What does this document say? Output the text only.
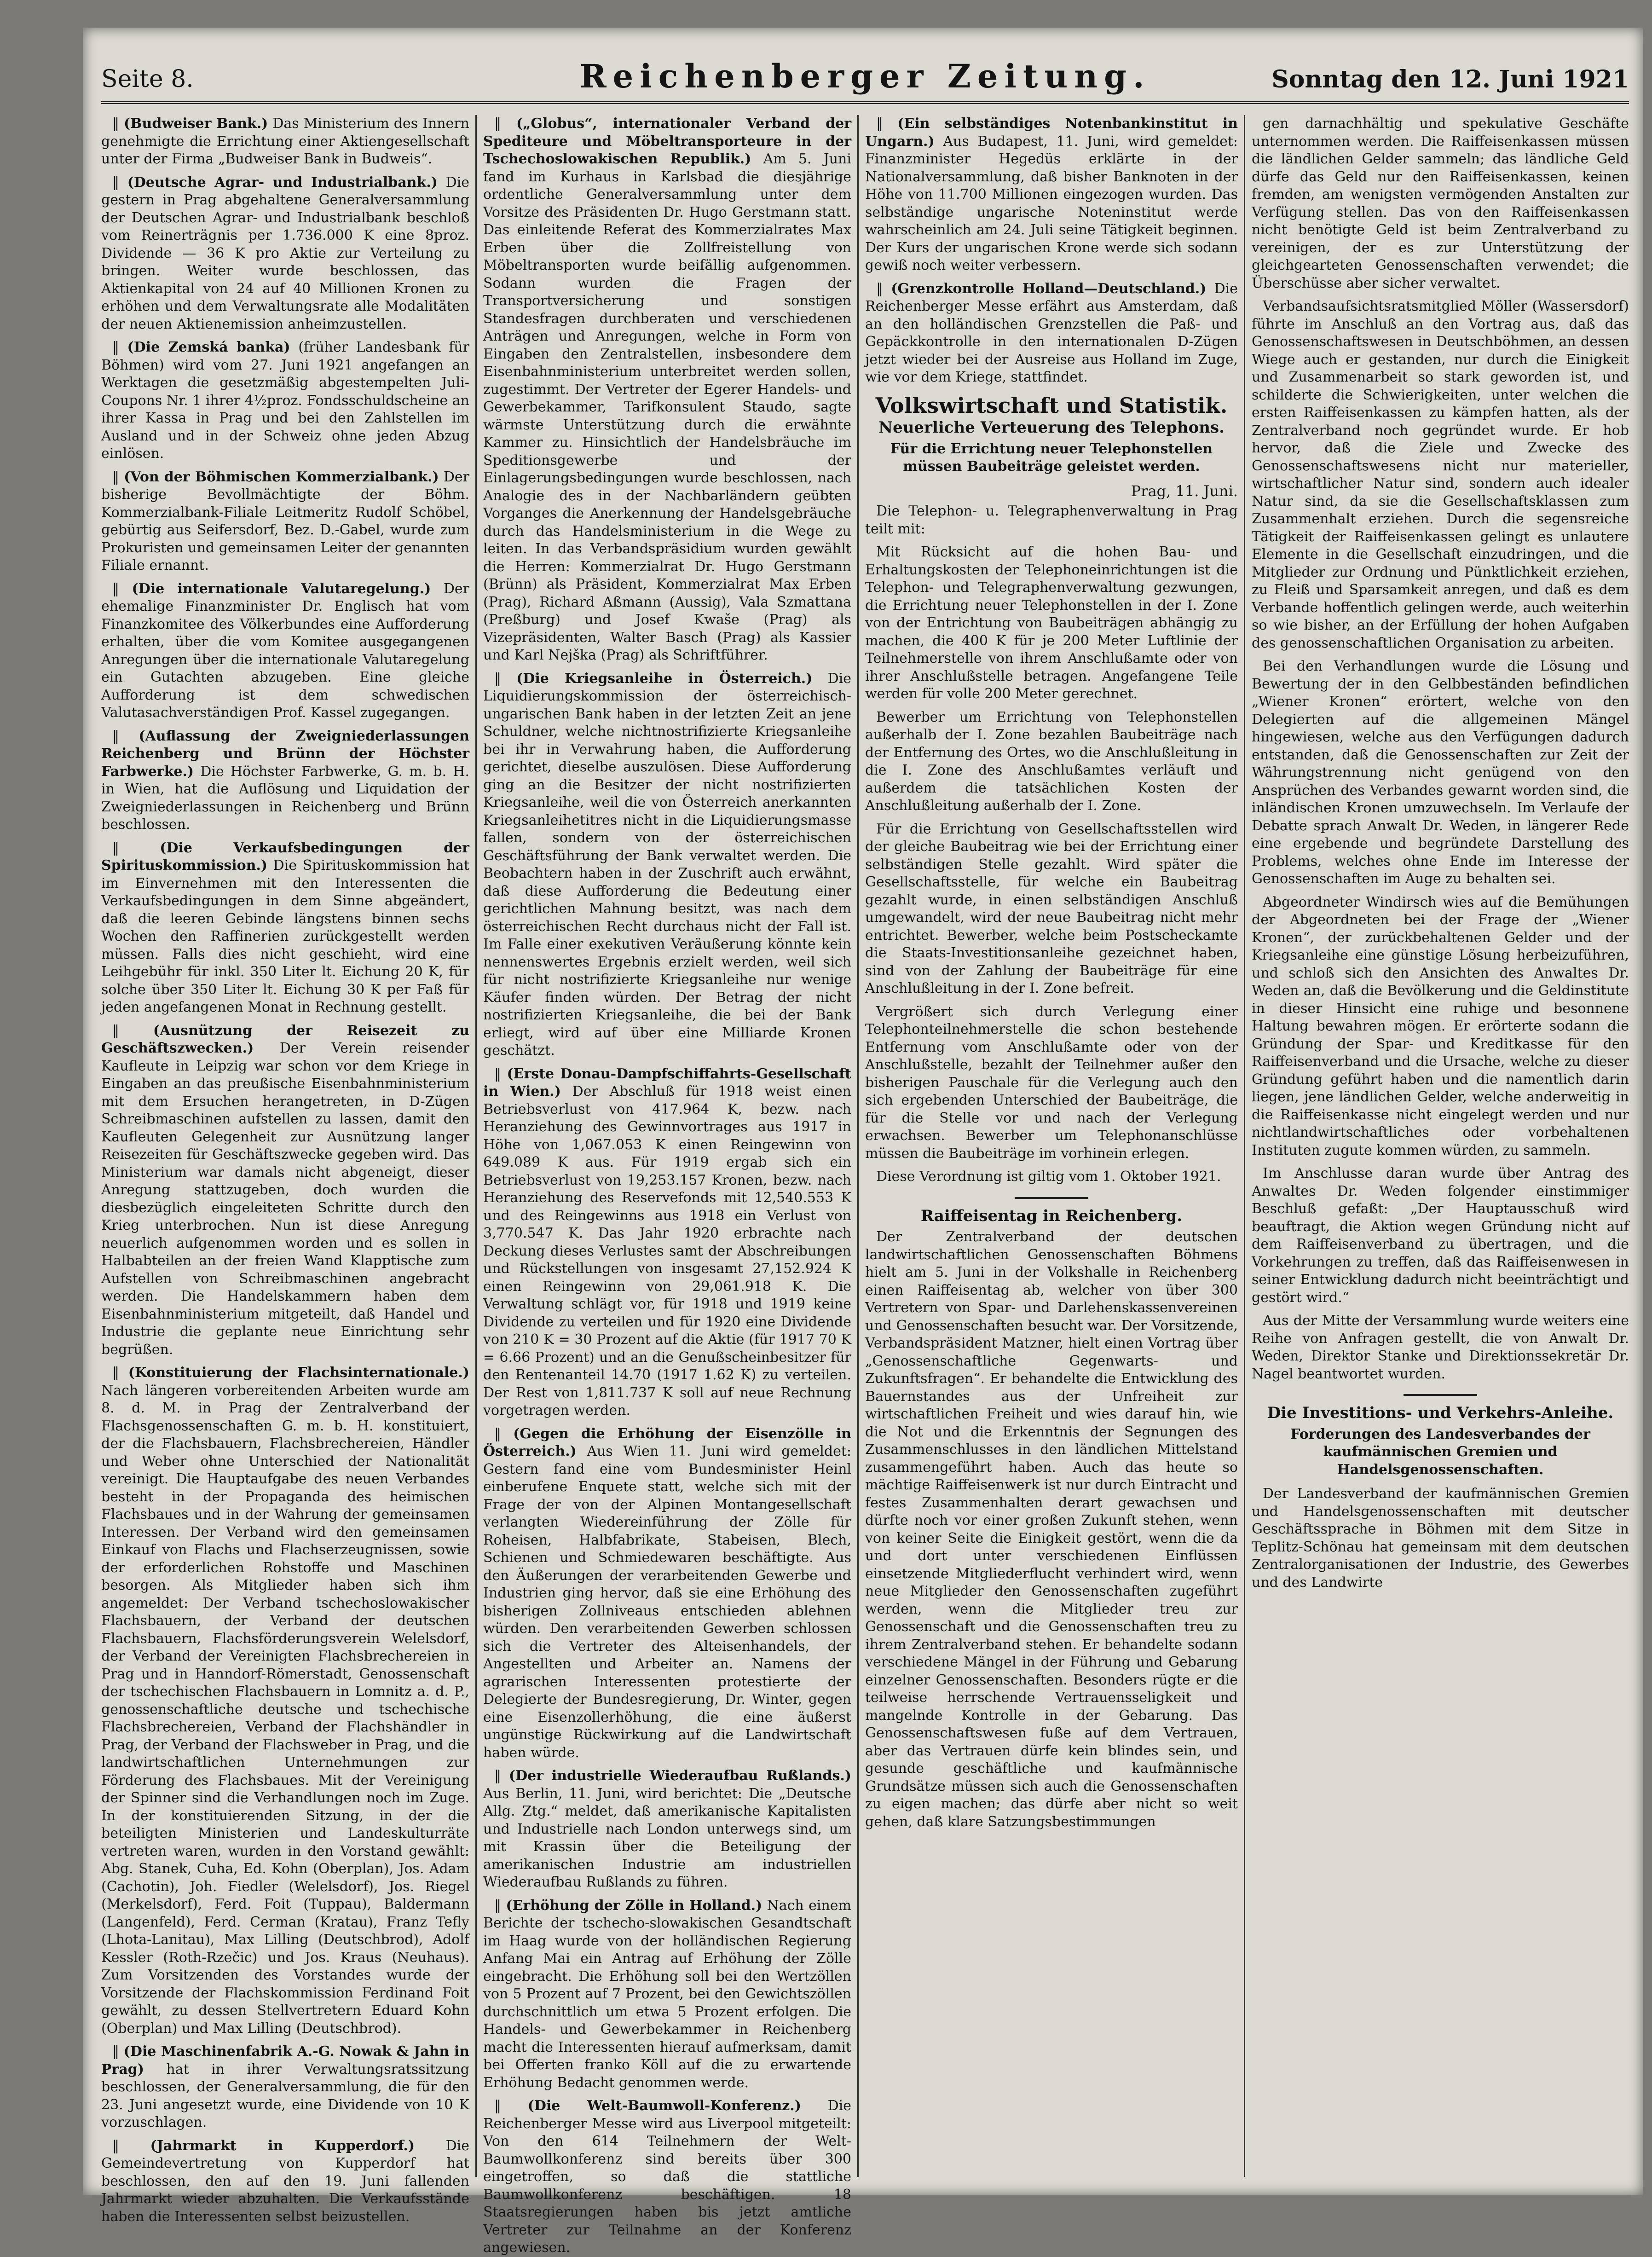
Seite 8.	Reichenberger Zeitung.	Sonntag den 12. Juni 1921

‖ (Budweiser Bank.) Das Ministerium des Innern genehmigte die Errichtung einer Aktiengesellschaft unter der Firma „Budweiser Bank in Budweis“.

‖ (Deutsche Agrar- und Industrialbank.) Die gestern in Prag abgehaltene Generalversammlung der Deutschen Agrar- und Industrialbank beschloß vom Reinerträgnis per 1.736.000 K eine 8proz. Dividende — 36 K pro Aktie zur Verteilung zu bringen. Weiter wurde beschlossen, das Aktienkapital von 24 auf 40 Millionen Kronen zu erhöhen und dem Verwaltungsrate alle Modalitäten der neuen Aktienemission anheimzustellen.

‖ (Die Zemská banka) (früher Landesbank für Böhmen) wird vom 27. Juni 1921 angefangen an Werktagen die gesetzmäßig abgestempelten Juli-Coupons Nr. 1 ihrer 4½proz. Fondsschuldscheine an ihrer Kassa in Prag und bei den Zahlstellen im Ausland und in der Schweiz ohne jeden Abzug einlösen.

‖ (Von der Böhmischen Kommerzialbank.) Der bisherige Bevollmächtigte der Böhm. Kommerzialbank-Filiale Leitmeritz Rudolf Schöbel, gebürtig aus Seifersdorf, Bez. D.-Gabel, wurde zum Prokuristen und gemeinsamen Leiter der genannten Filiale ernannt.

‖ (Die internationale Valutaregelung.) Der ehemalige Finanzminister Dr. Englisch hat vom Finanzkomitee des Völkerbundes eine Aufforderung erhalten, über die vom Komitee ausgegangenen Anregungen über die internationale Valutaregelung ein Gutachten abzugeben. Eine gleiche Aufforderung ist dem schwedischen Valutasachverständigen Prof. Kassel zugegangen.

‖ (Auflassung der Zweigniederlassungen Reichenberg und Brünn der Höchster Farbwerke.) Die Höchster Farbwerke, G. m. b. H. in Wien, hat die Auflösung und Liquidation der Zweigniederlassungen in Reichenberg und Brünn beschlossen.

‖ (Die Verkaufsbedingungen der Spirituskommission.) Die Spirituskommission hat im Einvernehmen mit den Interessenten die Verkaufsbedingungen in dem Sinne abgeändert, daß die leeren Gebinde längstens binnen sechs Wochen den Raffinerien zurückgestellt werden müssen. Falls dies nicht geschieht, wird eine Leihgebühr für inkl. 350 Liter lt. Eichung 20 K, für solche über 350 Liter lt. Eichung 30 K per Faß für jeden angefangenen Monat in Rechnung gestellt.

‖ (Ausnützung der Reisezeit zu Geschäftszwecken.) Der Verein reisender Kaufleute in Leipzig war schon vor dem Kriege in Eingaben an das preußische Eisenbahnministerium mit dem Ersuchen herangetreten, in D-Zügen Schreibmaschinen aufstellen zu lassen, damit den Kaufleuten Gelegenheit zur Ausnützung langer Reisezeiten für Geschäftszwecke gegeben wird. Das Ministerium war damals nicht abgeneigt, dieser Anregung stattzugeben, doch wurden die diesbezüglich eingeleiteten Schritte durch den Krieg unterbrochen. Nun ist diese Anregung neuerlich aufgenommen worden und es sollen in Halbabteilen an der freien Wand Klapptische zum Aufstellen von Schreibmaschinen angebracht werden. Die Handelskammern haben dem Eisenbahnministerium mitgeteilt, daß Handel und Industrie die geplante neue Einrichtung sehr begrüßen.

‖ (Konstituierung der Flachsinternationale.) Nach längeren vorbereitenden Arbeiten wurde am 8. d. M. in Prag der Zentralverband der Flachsgenossenschaften G. m. b. H. konstituiert, der die Flachsbauern, Flachsbrechereien, Händler und Weber ohne Unterschied der Nationalität vereinigt. Die Hauptaufgabe des neuen Verbandes besteht in der Propaganda des heimischen Flachsbaues und in der Wahrung der gemeinsamen Interessen. Der Verband wird den gemeinsamen Einkauf von Flachs und Flachserzeugnissen, sowie der erforderlichen Rohstoffe und Maschinen besorgen. Als Mitglieder haben sich ihm angemeldet: Der Verband tschechoslowakischer Flachsbauern, der Verband der deutschen Flachsbauern, Flachsförderungsverein Welelsdorf, der Verband der Vereinigten Flachsbrechereien in Prag und in Hanndorf-Römerstadt, Genossenschaft der tschechischen Flachsbauern in Lomnitz a. d. P., genossenschaftliche deutsche und tschechische Flachsbrechereien, Verband der Flachshändler in Prag, der Verband der Flachsweber in Prag, und die landwirtschaftlichen Unternehmungen zur Förderung des Flachsbaues. Mit der Vereinigung der Spinner sind die Verhandlungen noch im Zuge. In der konstituierenden Sitzung, in der die beteiligten Ministerien und Landeskulturräte vertreten waren, wurden in den Vorstand gewählt: Abg. Stanek, Cuha, Ed. Kohn (Oberplan), Jos. Adam (Cachotin), Joh. Fiedler (Welelsdorf), Jos. Riegel (Merkelsdorf), Ferd. Foit (Tuppau), Baldermann (Langenfeld), Ferd. Cerman (Kratau), Franz Tefly (Lhota-Lanitau), Max Lilling (Deutschbrod), Adolf Kessler (Roth-Rzečic) und Jos. Kraus (Neuhaus). Zum Vorsitzenden des Vorstandes wurde der Vorsitzende der Flachskommission Ferdinand Foit gewählt, zu dessen Stellvertretern Eduard Kohn (Oberplan) und Max Lilling (Deutschbrod).

‖ (Die Maschinenfabrik A.-G. Nowak & Jahn in Prag) hat in ihrer Verwaltungsratssitzung beschlossen, der Generalversammlung, die für den 23. Juni angesetzt wurde, eine Dividende von 10 K vorzuschlagen.

‖ (Jahrmarkt in Kupperdorf.) Die Gemeindevertretung von Kupperdorf hat beschlossen, den auf den 19. Juni fallenden Jahrmarkt wieder abzuhalten. Die Verkaufsstände haben die Interessenten selbst beizustellen.

‖ („Globus“, internationaler Verband der Spediteure und Möbeltransporteure in der Tschechoslowakischen Republik.) Am 5. Juni fand im Kurhaus in Karlsbad die diesjährige ordentliche Generalversammlung unter dem Vorsitze des Präsidenten Dr. Hugo Gerstmann statt. Das einleitende Referat des Kommerzialrates Max Erben über die Zollfreistellung von Möbeltransporten wurde beifällig aufgenommen. Sodann wurden die Fragen der Transportversicherung und sonstigen Standesfragen durchberaten und verschiedenen Anträgen und Anregungen, welche in Form von Eingaben den Zentralstellen, insbesondere dem Eisenbahnministerium unterbreitet werden sollen, zugestimmt. Der Vertreter der Egerer Handels- und Gewerbekammer, Tarifkonsulent Staudo, sagte wärmste Unterstützung durch die erwähnte Kammer zu. Hinsichtlich der Handelsbräuche im Speditionsgewerbe und der Einlagerungsbedingungen wurde beschlossen, nach Analogie des in der Nachbarländern geübten Vorganges die Anerkennung der Handelsgebräuche durch das Handelsministerium in die Wege zu leiten. In das Verbandspräsidium wurden gewählt die Herren: Kommerzialrat Dr. Hugo Gerstmann (Brünn) als Präsident, Kommerzialrat Max Erben (Prag), Richard Aßmann (Aussig), Vala Szmattana (Preßburg) und Josef Kwaše (Prag) als Vizepräsidenten, Walter Basch (Prag) als Kassier und Karl Nejška (Prag) als Schriftführer.

‖ (Die Kriegsanleihe in Österreich.) Die Liquidierungskommission der österreichisch-ungarischen Bank haben in der letzten Zeit an jene Schuldner, welche nichtnostrifizierte Kriegsanleihe bei ihr in Verwahrung haben, die Aufforderung gerichtet, dieselbe auszulösen. Diese Aufforderung ging an die Besitzer der nicht nostrifizierten Kriegsanleihe, weil die von Österreich anerkannten Kriegsanleihetitres nicht in die Liquidierungsmasse fallen, sondern von der österreichischen Geschäftsführung der Bank verwaltet werden. Die Beobachtern haben in der Zuschrift auch erwähnt, daß diese Aufforderung die Bedeutung einer gerichtlichen Mahnung besitzt, was nach dem österreichischen Recht durchaus nicht der Fall ist. Im Falle einer exekutiven Veräußerung könnte kein nennenswertes Ergebnis erzielt werden, weil sich für nicht nostrifizierte Kriegsanleihe nur wenige Käufer finden würden. Der Betrag der nicht nostrifizierten Kriegsanleihe, die bei der Bank erliegt, wird auf über eine Milliarde Kronen geschätzt.

‖ (Erste Donau-Dampfschiffahrts-Gesellschaft in Wien.) Der Abschluß für 1918 weist einen Betriebsverlust von 417.964 K, bezw. nach Heranziehung des Gewinnvortrages aus 1917 in Höhe von 1,067.053 K einen Reingewinn von 649.089 K aus. Für 1919 ergab sich ein Betriebsverlust von 19,253.157 Kronen, bezw. nach Heranziehung des Reservefonds mit 12,540.553 K und des Reingewinns aus 1918 ein Verlust von 3,770.547 K. Das Jahr 1920 erbrachte nach Deckung dieses Verlustes samt der Abschreibungen und Rückstellungen von insgesamt 27,152.924 K einen Reingewinn von 29,061.918 K. Die Verwaltung schlägt vor, für 1918 und 1919 keine Dividende zu verteilen und für 1920 eine Dividende von 210 K = 30 Prozent auf die Aktie (für 1917 70 K = 6.66 Prozent) und an die Genußscheinbesitzer für den Rentenanteil 14.70 (1917 1.62 K) zu verteilen. Der Rest von 1,811.737 K soll auf neue Rechnung vorgetragen werden.

‖ (Gegen die Erhöhung der Eisenzölle in Österreich.) Aus Wien 11. Juni wird gemeldet: Gestern fand eine vom Bundesminister Heinl einberufene Enquete statt, welche sich mit der Frage der von der Alpinen Montangesellschaft verlangten Wiedereinführung der Zölle für Roheisen, Halbfabrikate, Stabeisen, Blech, Schienen und Schmiedewaren beschäftigte. Aus den Äußerungen der verarbeitenden Gewerbe und Industrien ging hervor, daß sie eine Erhöhung des bisherigen Zollniveaus entschieden ablehnen würden. Den verarbeitenden Gewerben schlossen sich die Vertreter des Alteisenhandels, der Angestellten und Arbeiter an. Namens der agrarischen Interessenten protestierte der Delegierte der Bundesregierung, Dr. Winter, gegen eine Eisenzollerhöhung, die eine äußerst ungünstige Rückwirkung auf die Landwirtschaft haben würde.

‖ (Der industrielle Wiederaufbau Rußlands.) Aus Berlin, 11. Juni, wird berichtet: Die „Deutsche Allg. Ztg.“ meldet, daß amerikanische Kapitalisten und Industrielle nach London unterwegs sind, um mit Krassin über die Beteiligung der amerikanischen Industrie am industriellen Wiederaufbau Rußlands zu führen.

‖ (Erhöhung der Zölle in Holland.) Nach einem Berichte der tschecho-slowakischen Gesandtschaft im Haag wurde von der holländischen Regierung Anfang Mai ein Antrag auf Erhöhung der Zölle eingebracht. Die Erhöhung soll bei den Wertzöllen von 5 Prozent auf 7 Prozent, bei den Gewichtszöllen durchschnittlich um etwa 5 Prozent erfolgen. Die Handels- und Gewerbekammer in Reichenberg macht die Interessenten hierauf aufmerksam, damit bei Offerten franko Köll auf die zu erwartende Erhöhung Bedacht genommen werde.

‖ (Die Welt-Baumwoll-Konferenz.) Die Reichenberger Messe wird aus Liverpool mitgeteilt: Von den 614 Teilnehmern der Welt-Baumwollkonferenz sind bereits über 300 eingetroffen, so daß die stattliche Baumwollkonferenz beschäftigen. 18 Staatsregierungen haben bis jetzt amtliche Vertreter zur Teilnahme an der Konferenz angewiesen.

‖ (Ein selbständiges Notenbankinstitut in Ungarn.) Aus Budapest, 11. Juni, wird gemeldet: Finanzminister Hegedüs erklärte in der Nationalversammlung, daß bisher Banknoten in der Höhe von 11.700 Millionen eingezogen wurden. Das selbständige ungarische Noteninstitut werde wahrscheinlich am 24. Juli seine Tätigkeit beginnen. Der Kurs der ungarischen Krone werde sich sodann gewiß noch weiter verbessern.

‖ (Grenzkontrolle Holland—Deutschland.) Die Reichenberger Messe erfährt aus Amsterdam, daß an den holländischen Grenzstellen die Paß- und Gepäckkontrolle in den internationalen D-Zügen jetzt wieder bei der Ausreise aus Holland im Zuge, wie vor dem Kriege, stattfindet.

Volkswirtschaft und Statistik.
Neuerliche Verteuerung des Telephons.
Für die Errichtung neuer Telephonstellen müssen Baubeiträge geleistet werden.
Prag, 11. Juni.

Die Telephon- u. Telegraphenverwaltung in Prag teilt mit:

Mit Rücksicht auf die hohen Bau- und Erhaltungskosten der Telephoneinrichtungen ist die Telephon- und Telegraphenverwaltung gezwungen, die Errichtung neuer Telephonstellen in der I. Zone von der Entrichtung von Baubeiträgen abhängig zu machen, die 400 K für je 200 Meter Luftlinie der Teilnehmerstelle von ihrem Anschlußamte oder von ihrer Anschlußstelle betragen. Angefangene Teile werden für volle 200 Meter gerechnet.

Bewerber um Errichtung von Telephonstellen außerhalb der I. Zone bezahlen Baubeiträge nach der Entfernung des Ortes, wo die Anschlußleitung in die I. Zone des Anschlußamtes verläuft und außerdem die tatsächlichen Kosten der Anschlußleitung außerhalb der I. Zone.

Für die Errichtung von Gesellschaftsstellen wird der gleiche Baubeitrag wie bei der Errichtung einer selbständigen Stelle gezahlt. Wird später die Gesellschaftsstelle, für welche ein Baubeitrag gezahlt wurde, in einen selbständigen Anschluß umgewandelt, wird der neue Baubeitrag nicht mehr entrichtet. Bewerber, welche beim Postscheckamte die Staats-Investitionsanleihe gezeichnet haben, sind von der Zahlung der Baubeiträge für eine Anschlußleitung in der I. Zone befreit.

Vergrößert sich durch Verlegung einer Telephonteilnehmerstelle die schon bestehende Entfernung vom Anschlußamte oder von der Anschlußstelle, bezahlt der Teilnehmer außer den bisherigen Pauschale für die Verlegung auch den sich ergebenden Unterschied der Baubeiträge, die für die Stelle vor und nach der Verlegung erwachsen. Bewerber um Telephonanschlüsse müssen die Baubeiträge im vorhinein erlegen.

Diese Verordnung ist giltig vom 1. Oktober 1921.

Raiffeisentag in Reichenberg.

Der Zentralverband der deutschen landwirtschaftlichen Genossenschaften Böhmens hielt am 5. Juni in der Volkshalle in Reichenberg einen Raiffeisentag ab, welcher von über 300 Vertretern von Spar- und Darlehenskassenvereinen und Genossenschaften besucht war. Der Vorsitzende, Verbandspräsident Matzner, hielt einen Vortrag über „Genossenschaftliche Gegenwarts- und Zukunftsfragen“. Er behandelte die Entwicklung des Bauernstandes aus der Unfreiheit zur wirtschaftlichen Freiheit und wies darauf hin, wie die Not und die Erkenntnis der Segnungen des Zusammenschlusses in den ländlichen Mittelstand zusammengeführt haben. Auch das heute so mächtige Raiffeisenwerk ist nur durch Eintracht und festes Zusammenhalten derart gewachsen und dürfte noch vor einer großen Zukunft stehen, wenn von keiner Seite die Einigkeit gestört, wenn die da und dort unter verschiedenen Einflüssen einsetzende Mitgliederflucht verhindert wird, wenn neue Mitglieder den Genossenschaften zugeführt werden, wenn die Mitglieder treu zur Genossenschaft und die Genossenschaften treu zu ihrem Zentralverband stehen. Er behandelte sodann verschiedene Mängel in der Führung und Gebarung einzelner Genossenschaften. Besonders rügte er die teilweise herrschende Vertrauensseligkeit und mangelnde Kontrolle in der Gebarung. Das Genossenschaftswesen fuße auf dem Vertrauen, aber das Vertrauen dürfe kein blindes sein, und gesunde geschäftliche und kaufmännische Grundsätze müssen sich auch die Genossenschaften zu eigen machen; das dürfe aber nicht so weit gehen, daß klare Satzungsbestimmungen

gen darnachhältig und spekulative Geschäfte unternommen werden. Die Raiffeisenkassen müssen die ländlichen Gelder sammeln; das ländliche Geld dürfe das Geld nur den Raiffeisenkassen, keinen fremden, am wenigsten vermögenden Anstalten zur Verfügung stellen. Das von den Raiffeisenkassen nicht benötigte Geld ist beim Zentralverband zu vereinigen, der es zur Unterstützung der gleichgearteten Genossenschaften verwendet; die Überschüsse aber sicher verwaltet.

Verbandsaufsichtsratsmitglied Möller (Wassersdorf) führte im Anschluß an den Vortrag aus, daß das Genossenschaftswesen in Deutschböhmen, an dessen Wiege auch er gestanden, nur durch die Einigkeit und Zusammenarbeit so stark geworden ist, und schilderte die Schwierigkeiten, unter welchen die ersten Raiffeisenkassen zu kämpfen hatten, als der Zentralverband noch gegründet wurde. Er hob hervor, daß die Ziele und Zwecke des Genossenschaftswesens nicht nur materieller, wirtschaftlicher Natur sind, sondern auch idealer Natur sind, da sie die Gesellschaftsklassen zum Zusammenhalt erziehen. Durch die segensreiche Tätigkeit der Raiffeisenkassen gelingt es unlautere Elemente in die Gesellschaft einzudringen, und die Mitglieder zur Ordnung und Pünktlichkeit erziehen, zu Fleiß und Sparsamkeit anregen, und daß es dem Verbande hoffentlich gelingen werde, auch weiterhin so wie bisher, an der Erfüllung der hohen Aufgaben des genossenschaftlichen Organisation zu arbeiten.

Bei den Verhandlungen wurde die Lösung und Bewertung der in den Gelbbeständen befindlichen „Wiener Kronen“ erörtert, welche von den Delegierten auf die allgemeinen Mängel hingewiesen, welche aus den Verfügungen dadurch entstanden, daß die Genossenschaften zur Zeit der Währungstrennung nicht genügend von den Ansprüchen des Verbandes gewarnt worden sind, die inländischen Kronen umzuwechseln. Im Verlaufe der Debatte sprach Anwalt Dr. Weden, in längerer Rede eine ergebende und begründete Darstellung des Problems, welches ohne Ende im Interesse der Genossenschaften im Auge zu behalten sei.

Abgeordneter Windirsch wies auf die Bemühungen der Abgeordneten bei der Frage der „Wiener Kronen“, der zurückbehaltenen Gelder und der Kriegsanleihe eine günstige Lösung herbeizuführen, und schloß sich den Ansichten des Anwaltes Dr. Weden an, daß die Bevölkerung und die Geldinstitute in dieser Hinsicht eine ruhige und besonnene Haltung bewahren mögen. Er erörterte sodann die Gründung der Spar- und Kreditkasse für den Raiffeisenverband und die Ursache, welche zu dieser Gründung geführt haben und die namentlich darin liegen, jene ländlichen Gelder, welche anderweitig in die Raiffeisenkasse nicht eingelegt werden und nur nichtlandwirtschaftliches oder vorbehaltenen Instituten zugute kommen würden, zu sammeln.

Im Anschlusse daran wurde über Antrag des Anwaltes Dr. Weden folgender einstimmiger Beschluß gefaßt: „Der Hauptausschuß wird beauftragt, die Aktion wegen Gründung nicht auf dem Raiffeisenverband zu übertragen, und die Vorkehrungen zu treffen, daß das Raiffeisenwesen in seiner Entwicklung dadurch nicht beeinträchtigt und gestört wird.“

Aus der Mitte der Versammlung wurde weiters eine Reihe von Anfragen gestellt, die von Anwalt Dr. Weden, Direktor Stanke und Direktionssekretär Dr. Nagel beantwortet wurden.

Die Investitions- und Verkehrs-Anleihe.
Forderungen des Landesverbandes der kaufmännischen Gremien und Handelsgenossenschaften.

Der Landesverband der kaufmännischen Gremien und Handelsgenossenschaften mit deutscher Geschäftssprache in Böhmen mit dem Sitze in Teplitz-Schönau hat gemeinsam mit dem deutschen Zentralorganisationen der Industrie, des Gewerbes und des Landwirte
